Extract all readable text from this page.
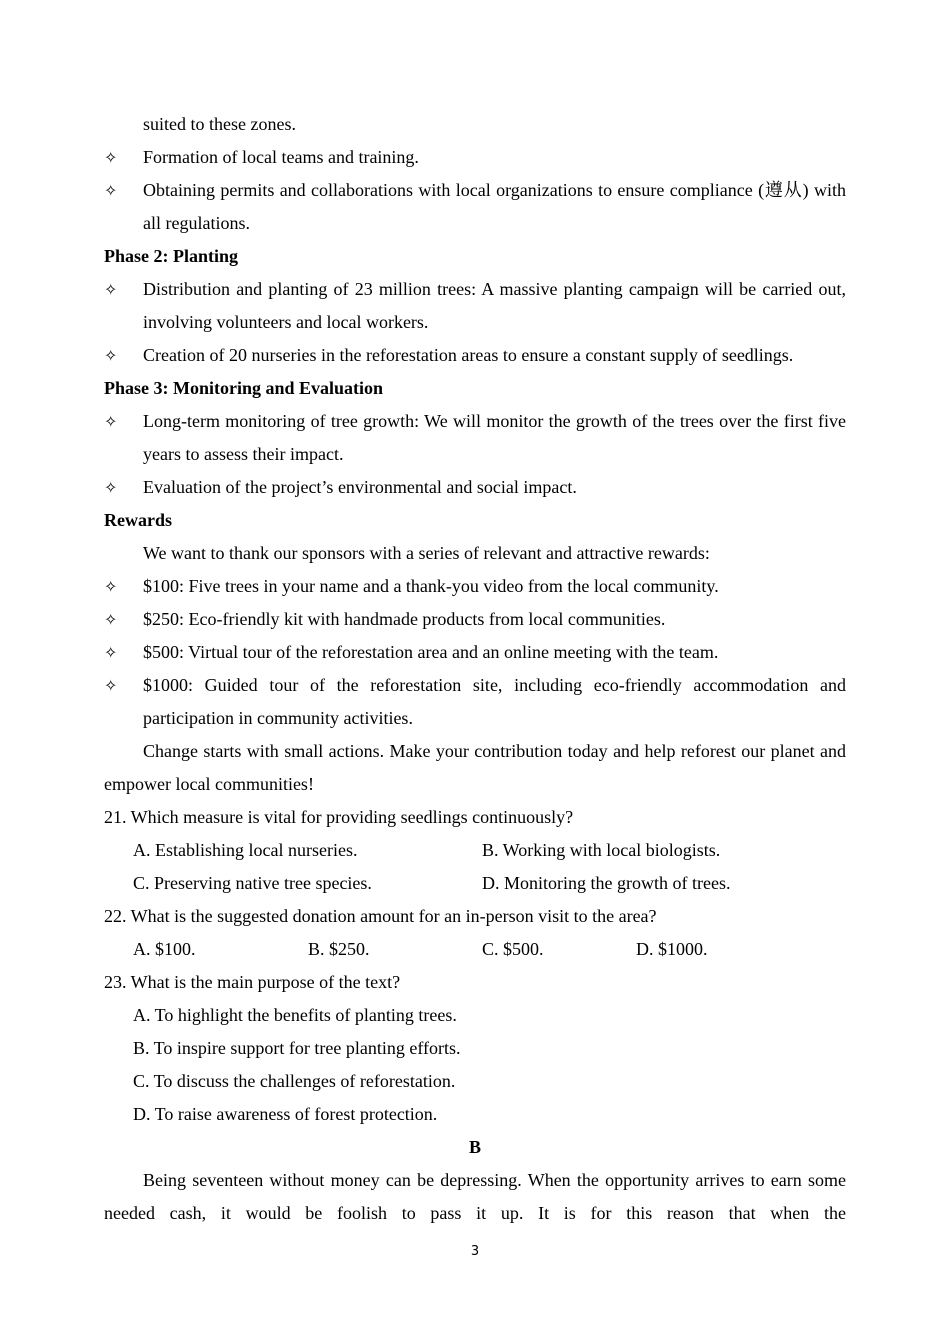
suited to these zones.
✧	Formation of local teams and training.
✧	Obtaining permits and collaborations with local organizations to ensure compliance (遵从) with all regulations.
Phase 2: Planting
✧	Distribution and planting of 23 million trees: A massive planting campaign will be carried out, involving volunteers and local workers.
✧	Creation of 20 nurseries in the reforestation areas to ensure a constant supply of seedlings.
Phase 3: Monitoring and Evaluation
✧	Long-term monitoring of tree growth: We will monitor the growth of the trees over the first five years to assess their impact.
✧	Evaluation of the project’s environmental and social impact.
Rewards
We want to thank our sponsors with a series of relevant and attractive rewards:
✧	$100: Five trees in your name and a thank-you video from the local community.
✧	$250: Eco-friendly kit with handmade products from local communities.
✧	$500: Virtual tour of the reforestation area and an online meeting with the team.
✧	$1000: Guided tour of the reforestation site, including eco-friendly accommodation and participation in community activities.
Change starts with small actions. Make your contribution today and help reforest our planet and empower local communities!
21. Which measure is vital for providing seedlings continuously?
A. Establishing local nurseries.	B. Working with local biologists.
C. Preserving native tree species.	D. Monitoring the growth of trees.
22. What is the suggested donation amount for an in-person visit to the area?
A. $100.	B. $250.	C. $500.	D. $1000.
23. What is the main purpose of the text?
A. To highlight the benefits of planting trees.
B. To inspire support for tree planting efforts.
C. To discuss the challenges of reforestation.
D. To raise awareness of forest protection.
B
Being seventeen without money can be depressing. When the opportunity arrives to earn some needed cash, it would be foolish to pass it up. It is for this reason that when the
3
